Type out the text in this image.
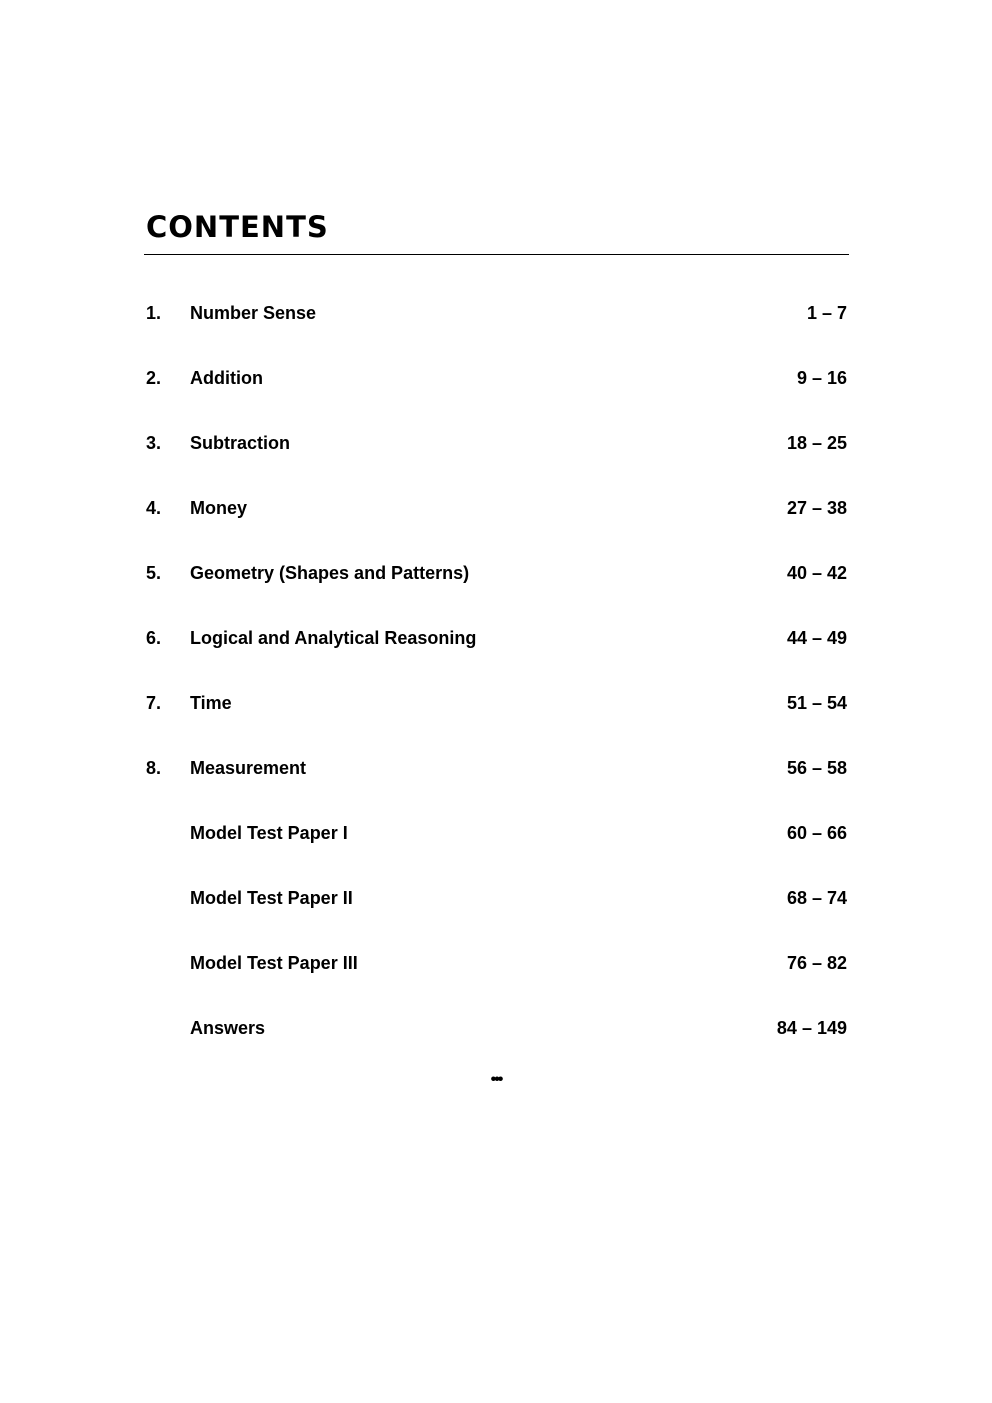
CONTENTS
1. Number Sense	1 – 7
2. Addition	9 – 16
3. Subtraction	18 – 25
4. Money	27 – 38
5. Geometry (Shapes and Patterns)	40 – 42
6. Logical and Analytical Reasoning	44 – 49
7. Time	51 – 54
8. Measurement	56 – 58
Model Test Paper I	60 – 66
Model Test Paper II	68 – 74
Model Test Paper III	76 – 82
Answers	84 – 149
•••
